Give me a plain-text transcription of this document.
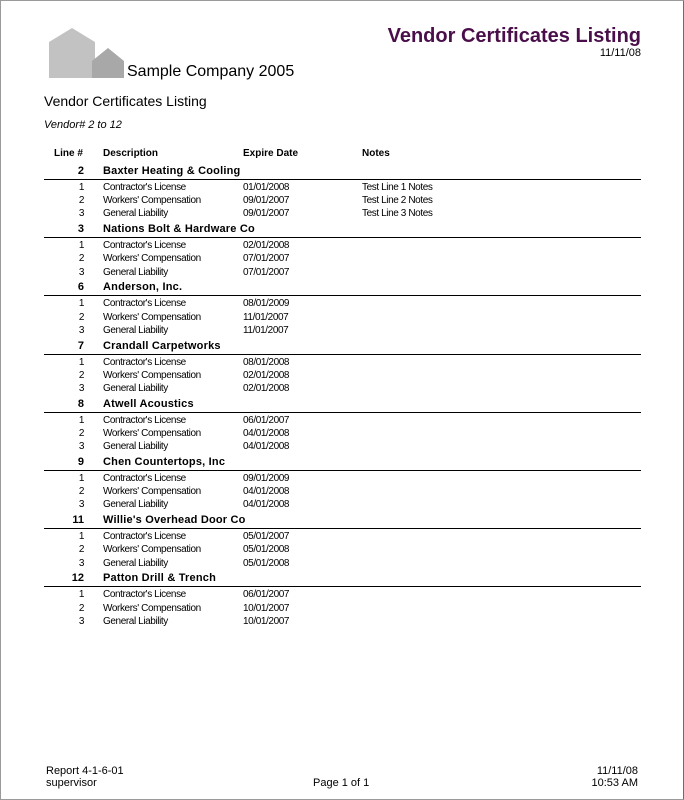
Sample Company 2005
Vendor Certificates Listing
11/11/08
Vendor Certificates Listing
Vendor# 2 to 12
Line # Description	Expire Date	Notes
2 Baxter Heating & Cooling
1 Contractor's License	01/01/2008	Test Line 1 Notes
2 Workers' Compensation	09/01/2007	Test Line 2 Notes
3 General Liability	09/01/2007	Test Line 3 Notes
3 Nations Bolt & Hardware Co
1 Contractor's License	02/01/2008
2 Workers' Compensation	07/01/2007
3 General Liability	07/01/2007
6 Anderson, Inc.
1 Contractor's License	08/01/2009
2 Workers' Compensation	11/01/2007
3 General Liability	11/01/2007
7 Crandall Carpetworks
1 Contractor's License	08/01/2008
2 Workers' Compensation	02/01/2008
3 General Liability	02/01/2008
8 Atwell Acoustics
1 Contractor's License	06/01/2007
2 Workers' Compensation	04/01/2008
3 General Liability	04/01/2008
9 Chen Countertops, Inc
1 Contractor's License	09/01/2009
2 Workers' Compensation	04/01/2008
3 General Liability	04/01/2008
11 Willie's Overhead Door Co
1 Contractor's License	05/01/2007
2 Workers' Compensation	05/01/2008
3 General Liability	05/01/2008
12 Patton Drill & Trench
1 Contractor's License	06/01/2007
2 Workers' Compensation	10/01/2007
3 General Liability	10/01/2007
Report 4-1-6-01
supervisor	Page 1 of 1
11/11/08
10:53 AM
